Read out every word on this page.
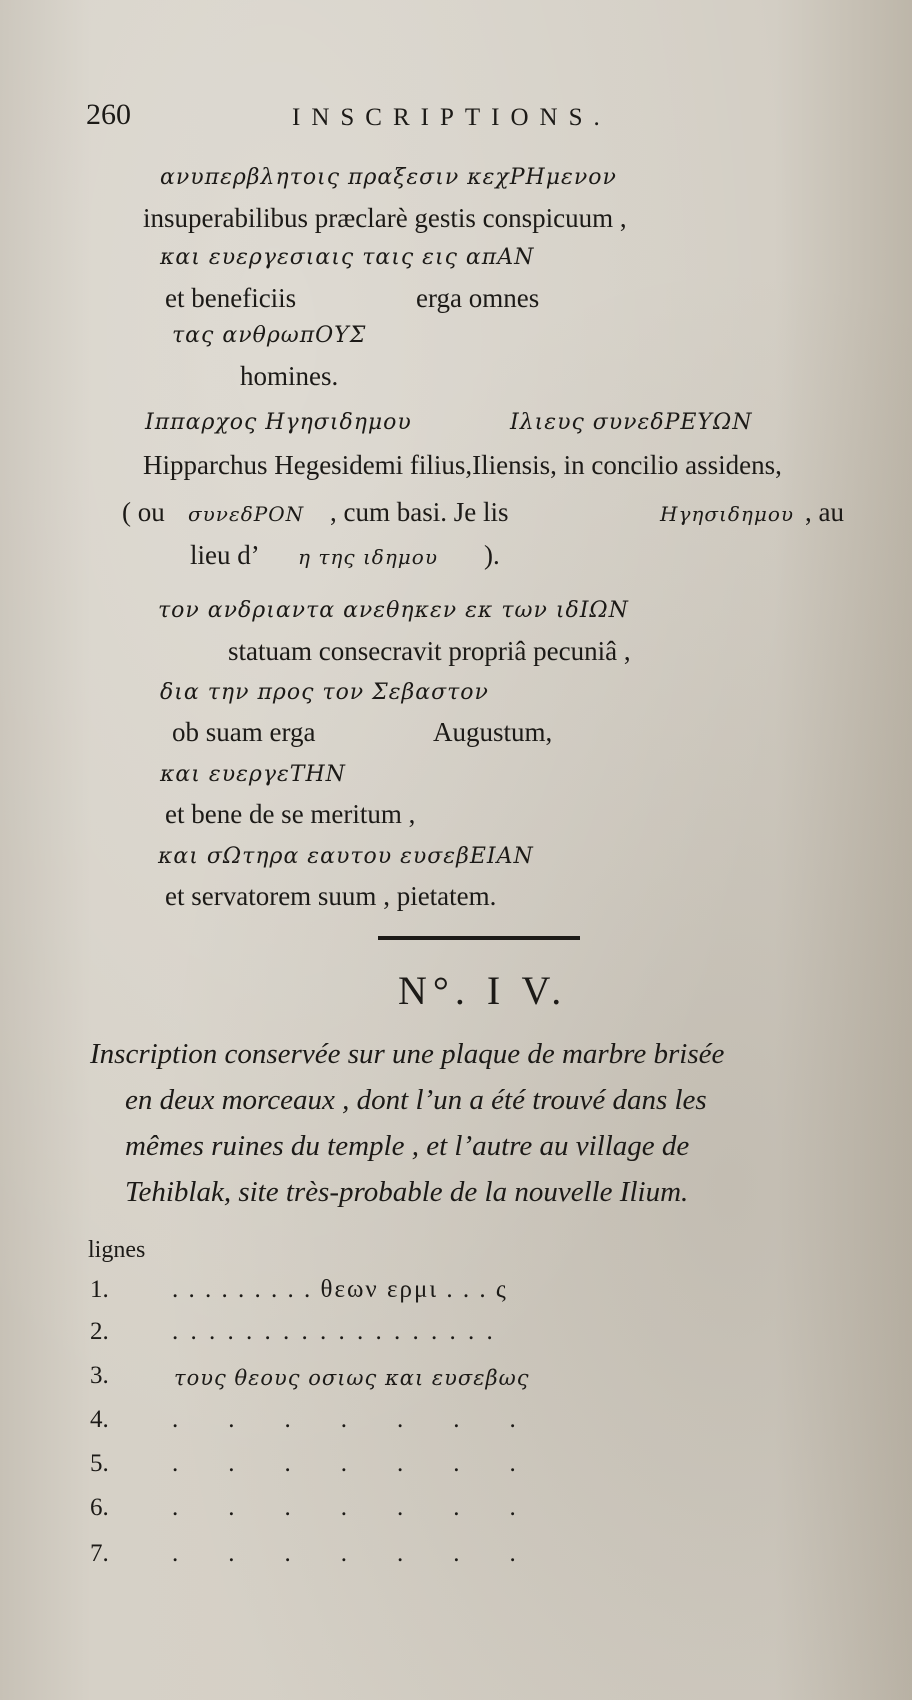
260	INSCRIPTIONS.
ανυπερβλητοις πραξεσιν κεχΡΗμενον
insuperabilibus præclarè gestis conspicuum ,
και ευεργεσιαις ταις εις απΑΝ
et beneficiis	erga omnes
τας ανθρωπΟΥΣ
homines.
Ιππαρχος Ηγησιδημου	Ιλιευς συνεδΡΕΥΩΝ
Hipparchus Hegesidemi filius,Iliensis, in concilio assidens,
( ou συνεδΡΟΝ , cum basi. Je lis	Ηγησιδημου , au
lieu d’ η της ιδημου ).
τον ανδριαντα ανεθηκεν εκ των ιδΙΩΝ
statuam consecravit propriâ pecuniâ ,
δια την προς τον Σεβαστον
ob suam erga	Augustum,
και ευεργεΤΗΝ
et bene de se meritum ,
και σΩτηρα εαυτου ευσεβΕΙΑΝ
et servatorem suum , pietatem.
N°. I V.
Inscription conservée sur une plaque de marbre brisée
en deux morceaux , dont l’un a été trouvé dans les
mêmes ruines du temple , et l’autre au village de
Tehiblak, site très-probable de la nouvelle Ilium.
lignes
1.	. . . . . . . . . θεων ερμι . . . ς
2.	. . . . . . . . . . . . . . . . . .
3.	τους θεους οσιως και ευσεβως
4.	.        .        .        .        .        .        .
5.	.        .        .        .        .        .        .
6.	.        .        .        .        .        .        .
7.	.        .        .        .        .        .        .
